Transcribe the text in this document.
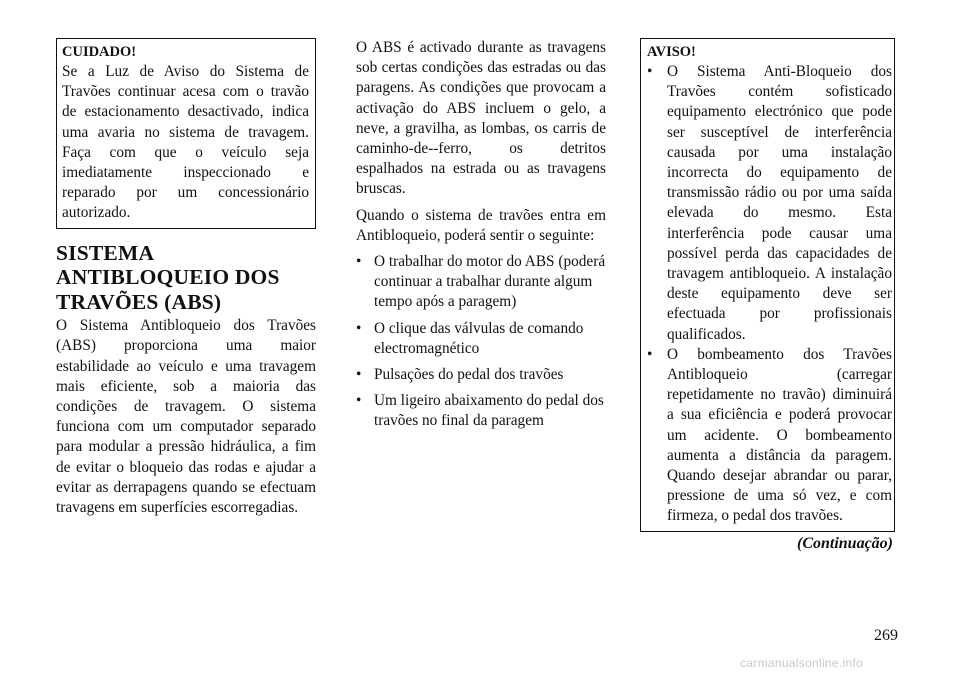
CUIDADO!

Se a Luz de Aviso do Sistema de Travões continuar acesa com o travão de estacionamento desactivado, indica uma avaria no sistema de travagem. Faça com que o veículo seja imediatamente inspeccionado e reparado por um concessionário autorizado.

SISTEMA ANTIBLOQUEIO DOS TRAVÕES (ABS)

O Sistema Antibloqueio dos Travões (ABS) proporciona uma maior estabilidade ao veículo e uma travagem mais eficiente, sob a maioria das condições de travagem. O sistema funciona com um computador separado para modular a pressão hidráulica, a fim de evitar o bloqueio das rodas e ajudar a evitar as derrapagens quando se efectuam travagens em superfícies escorregadias.

O ABS é activado durante as travagens sob certas condições das estradas ou das paragens. As condições que provocam a activação do ABS incluem o gelo, a neve, a gravilha, as lombas, os carris de caminho-de--ferro, os detritos espalhados na estrada ou as travagens bruscas.

Quando o sistema de travões entra em Antibloqueio, poderá sentir o seguinte:

• O trabalhar do motor do ABS (poderá continuar a trabalhar durante algum tempo após a paragem)
• O clique das válvulas de comando electromagnético
• Pulsações do pedal dos travões
• Um ligeiro abaixamento do pedal dos travões no final da paragem
AVISO!
• O Sistema Anti-Bloqueio dos Travões contém sofisticado equipamento electrónico que pode ser susceptível de interferência causada por uma instalação incorrecta do equipamento de transmissão rádio ou por uma saída elevada do mesmo. Esta interferência pode causar uma possível perda das capacidades de travagem antibloqueio. A instalação deste equipamento deve ser efectuada por profissionais qualificados.
• O bombeamento dos Travões Antibloqueio (carregar repetidamente no travão) diminuirá a sua eficiência e poderá provocar um acidente. O bombeamento aumenta a distância da paragem. Quando desejar abrandar ou parar, pressione de uma só vez, e com firmeza, o pedal dos travões.
(Continuação)
269
carmanualsonline.info
